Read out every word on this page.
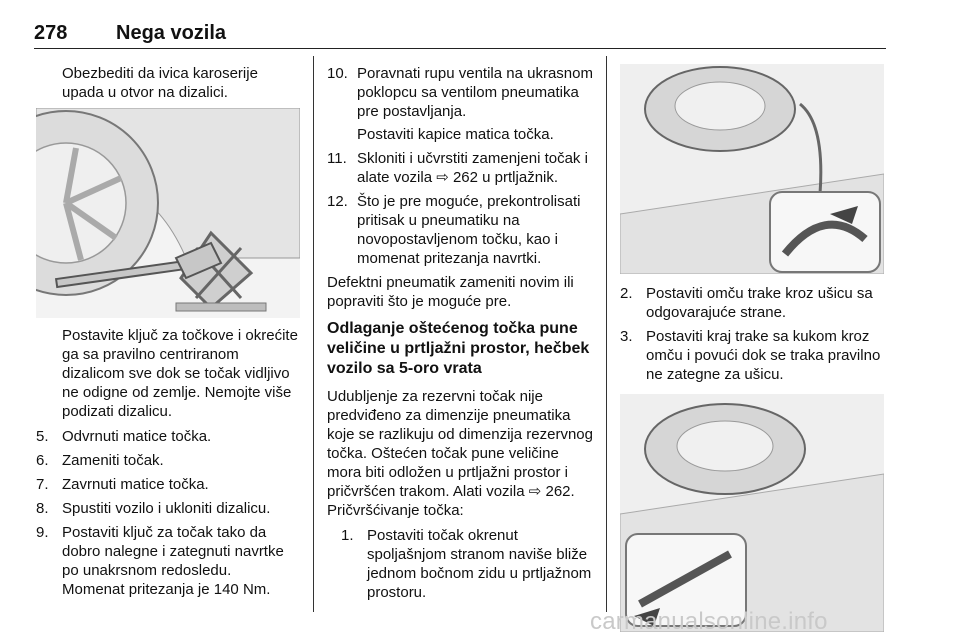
278 Nega vozila

Obezbediti da ivica karoserije upada u otvor na dizalici.

Postavite ključ za točkove i okrećite ga sa pravilno centriranom dizalicom sve dok se točak vidljivo ne odigne od zemlje. Nemojte više podizati dizalicu.

5. Odvrnuti matice točka.
6. Zameniti točak.
7. Zavrnuti matice točka.
8. Spustiti vozilo i ukloniti dizalicu.
9. Postaviti ključ za točak tako da dobro nalegne i zategnuti navrtke po unakrsnom redosledu.

Momenat pritezanja je 140 Nm.

10. Poravnati rupu ventila na ukrasnom poklopcu sa ventilom pneumatika pre postavljanja.
Postaviti kapice matica točka.
11. Skloniti i učvrstiti zamenjeni točak i alate vozila ⇨ 262 u prtljažnik.
12. Što je pre moguće, prekontrolisati pritisak u pneumatiku na novopostavljenom točku, kao i momenat pritezanja navrtki.

Defektni pneumatik zameniti novim ili popraviti što je moguće pre.

Odlaganje oštećenog točka pune veličine u prtljažni prostor, hečbek vozilo sa 5-oro vrata

Udubljenje za rezervni točak nije predviđeno za dimenzije pneumatika koje se razlikuju od dimenzija rezervnog točka. Oštećen točak pune veličine mora biti odložen u prtljažni prostor i pričvršćen trakom. Alati vozila ⇨ 262. Pričvršćivanje točka:

1. Postaviti točak okrenut spoljašnjom stranom naviše bliže jednom bočnom zidu u prtljažnom prostoru.
2. Postaviti omču trake kroz ušicu sa odgovarajuće strane.
3. Postaviti kraj trake sa kukom kroz omču i povući dok se traka pravilno ne zategne za ušicu.
carmanualsonline.info
